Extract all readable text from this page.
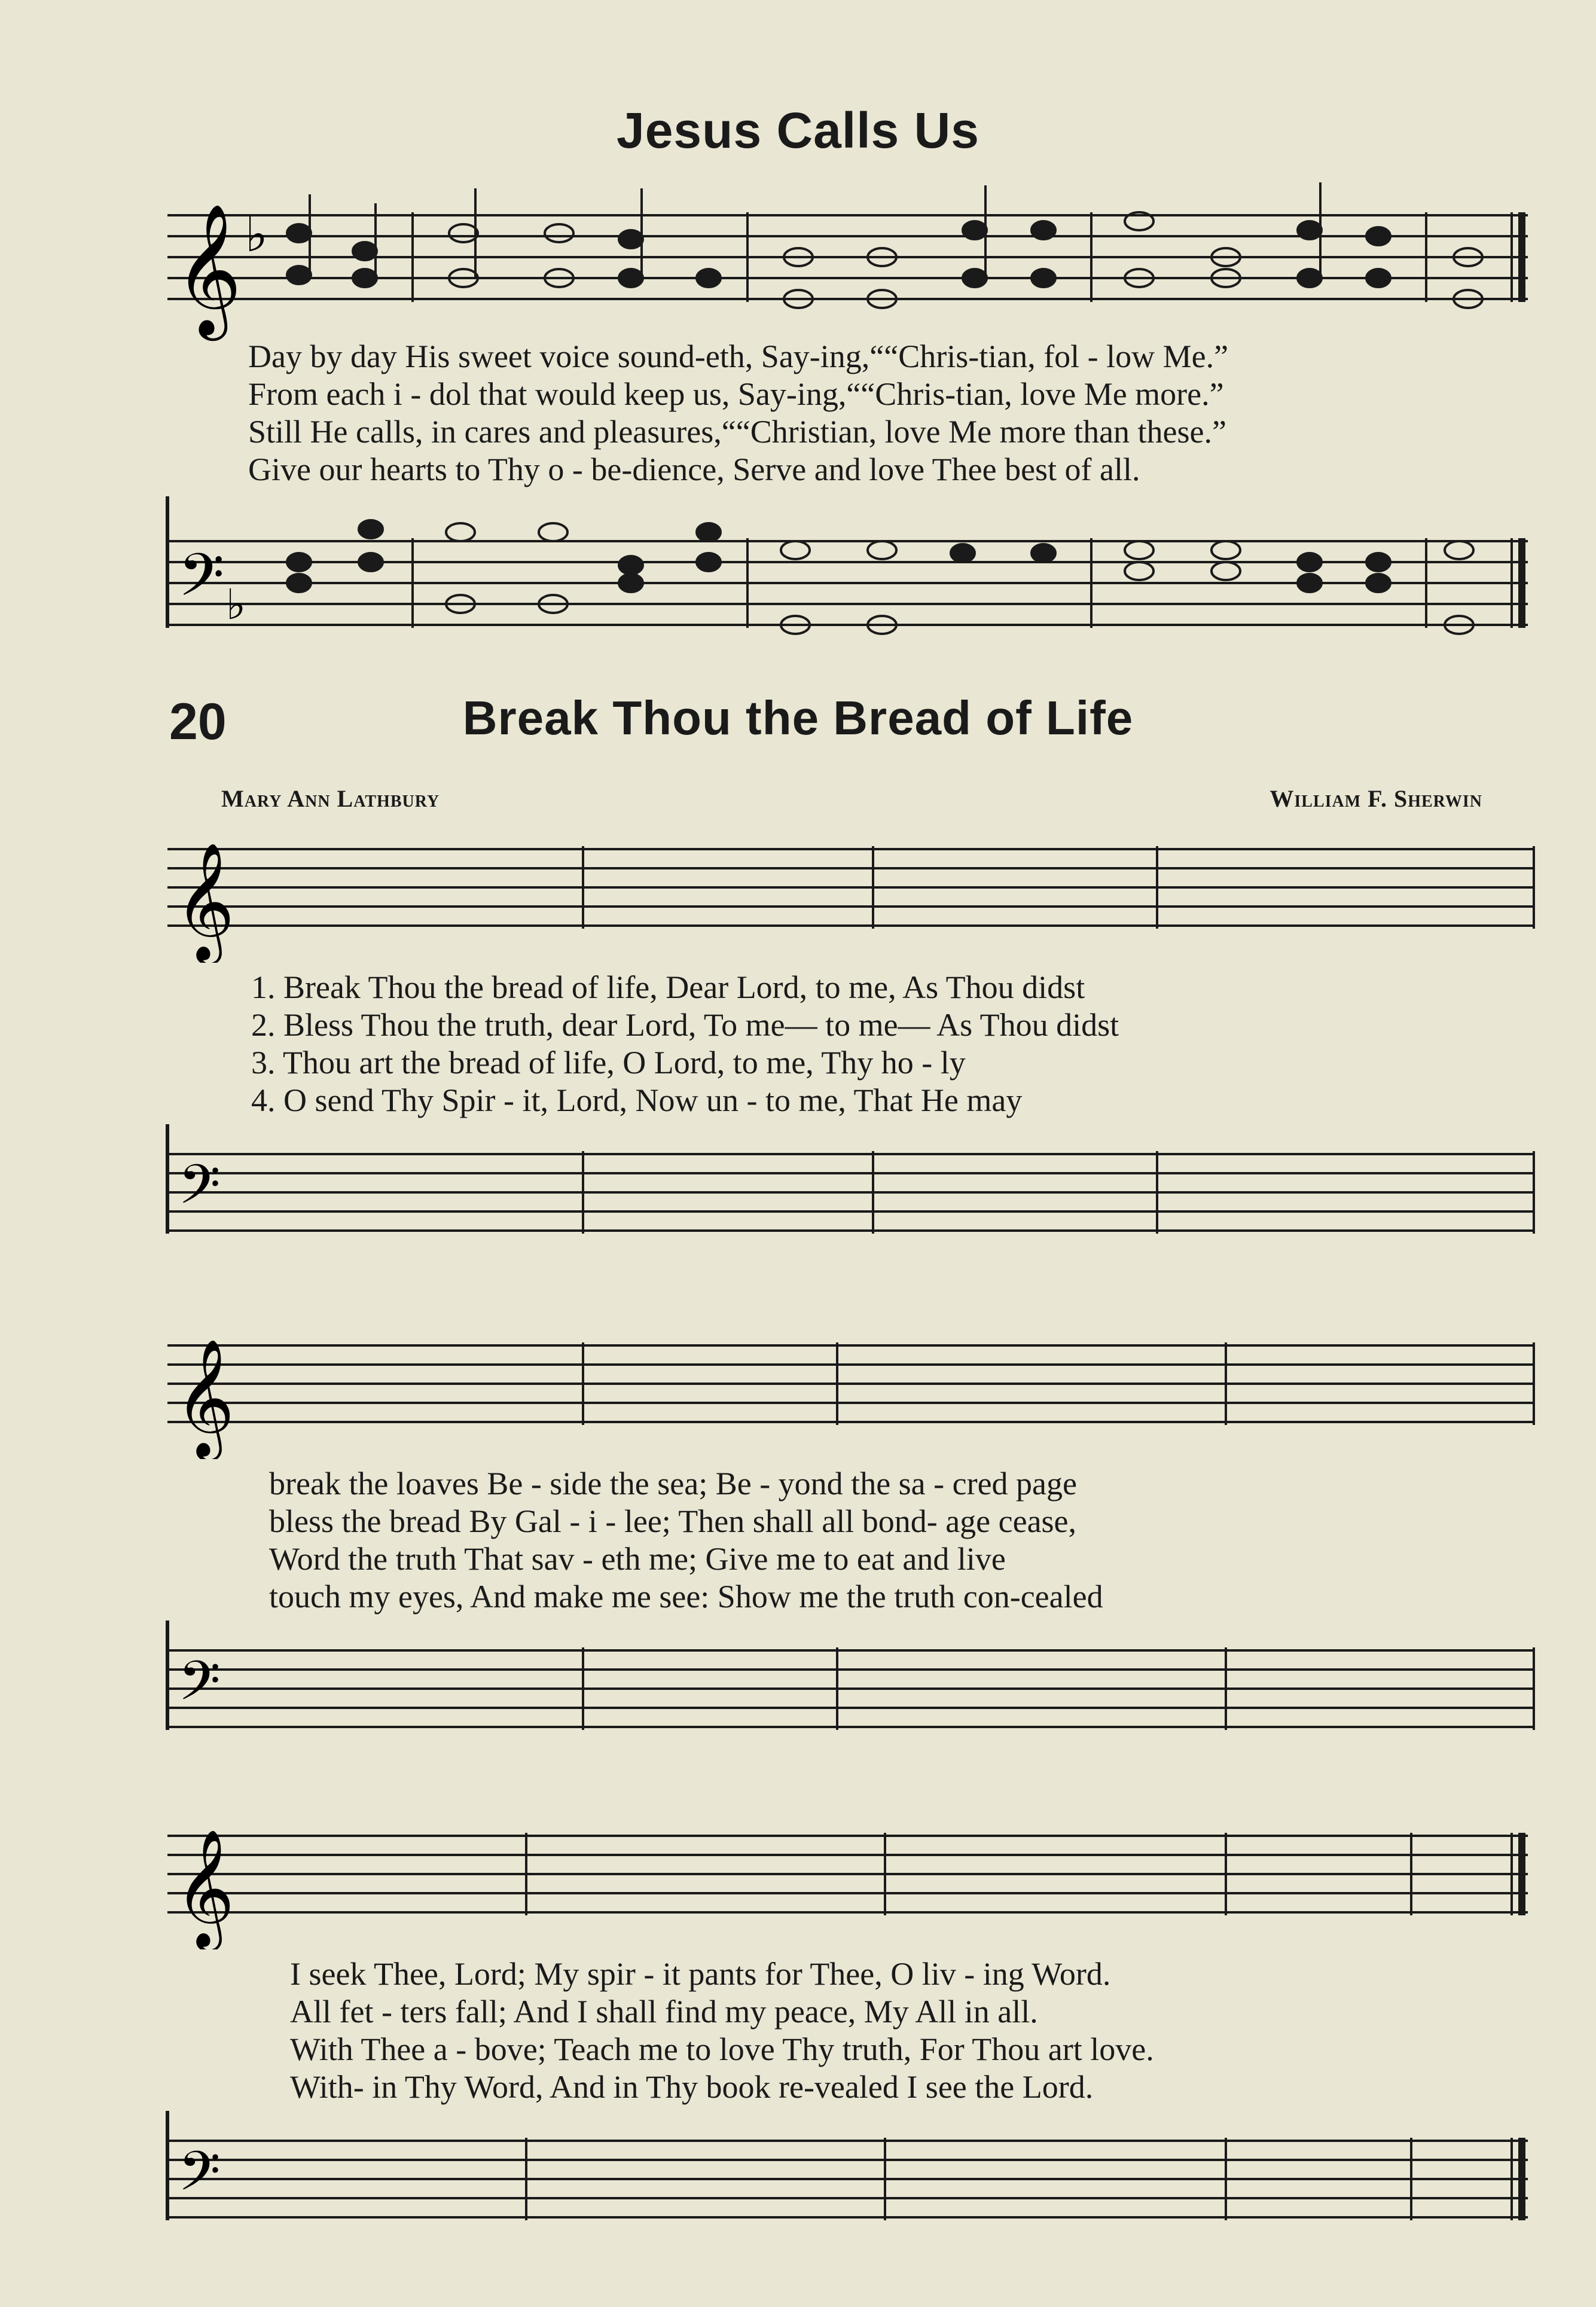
Jesus Calls Us
𝄞 ♭
Day by day His sweet voice sound-eth, Say-ing,““Chris-tian, fol - low Me.”
From each i - dol that would keep us, Say-ing,““Chris-tian, love Me more.”
Still He calls, in cares and pleasures,““Christian, love Me more than these.”
Give our hearts to Thy o - be-dience, Serve and love Thee best of all.
𝄢 ♭
20	Break Thou the Bread of Life
Mary Ann Lathbury	William F. Sherwin
𝄞
1. Break Thou the bread of life, Dear Lord, to me, As Thou didst
2. Bless Thou the truth, dear Lord, To me— to me— As Thou didst
3. Thou art the bread of life, O Lord, to me, Thy ho - ly
4. O send Thy Spir - it, Lord, Now un - to me, That He may
𝄢
𝄞
break the loaves Be - side the sea; Be - yond the sa - cred page
bless the bread By Gal - i - lee; Then shall all bond- age cease,
Word the truth That sav - eth me; Give me to eat and live
touch my eyes, And make me see: Show me the truth con-cealed
𝄢
𝄞
I seek Thee, Lord; My spir - it pants for Thee, O liv - ing Word.
All fet - ters fall; And I shall find my peace, My All in all.
With Thee a - bove; Teach me to love Thy truth, For Thou art love.
With- in Thy Word, And in Thy book re-vealed I see the Lord.
𝄢
